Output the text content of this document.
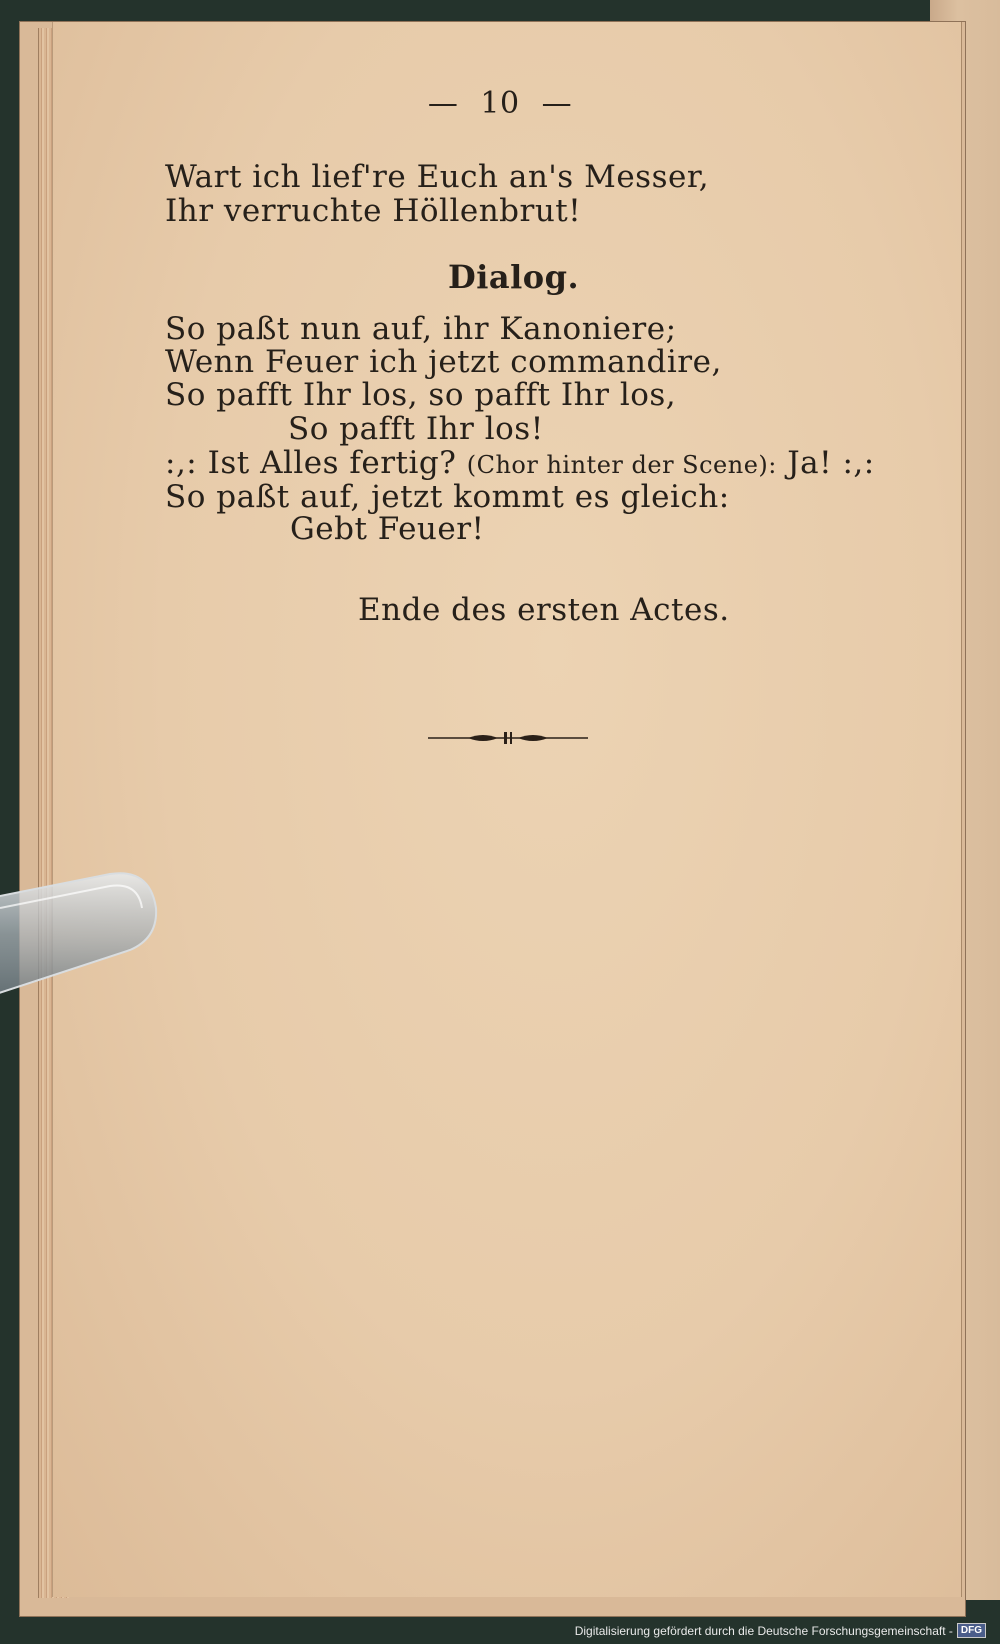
— 10 —
Wart ich lief're Euch an's Messer,
Ihr verruchte Höllenbrut!
Dialog.
So paßt nun auf, ihr Kanoniere;
Wenn Feuer ich jetzt commandire,
So pafft Ihr los, so pafft Ihr los,
So pafft Ihr los!
:,: Ist Alles fertig? (Chor hinter der Scene): Ja! :,:
So paßt auf, jetzt kommt es gleich:
Gebt Feuer!
Ende des ersten Actes.
Digitalisierung gefördert durch die Deutsche Forschungsgemeinschaft - DFG
